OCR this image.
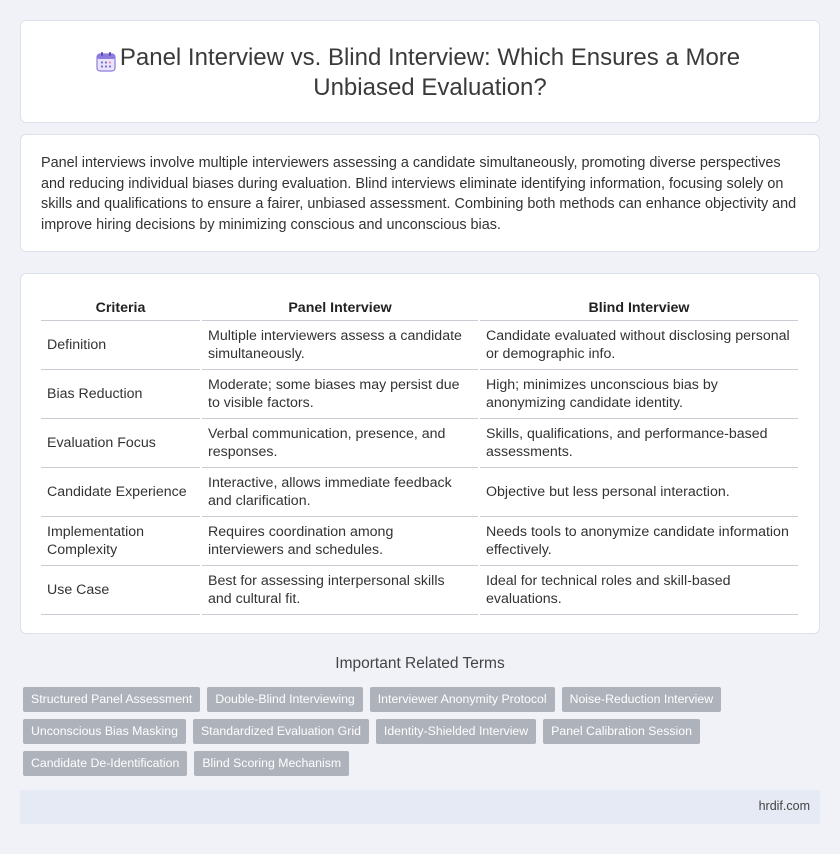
Panel Interview vs. Blind Interview: Which Ensures a More Unbiased Evaluation?

Panel interviews involve multiple interviewers assessing a candidate simultaneously, promoting diverse perspectives and reducing individual biases during evaluation. Blind interviews eliminate identifying information, focusing solely on skills and qualifications to ensure a fairer, unbiased assessment. Combining both methods can enhance objectivity and improve hiring decisions by minimizing conscious and unconscious bias.

Criteria	Panel Interview	Blind Interview
Definition	Multiple interviewers assess a candidate simultaneously.	Candidate evaluated without disclosing personal or demographic info.
Bias Reduction	Moderate; some biases may persist due to visible factors.	High; minimizes unconscious bias by anonymizing candidate identity.
Evaluation Focus	Verbal communication, presence, and responses.	Skills, qualifications, and performance-based assessments.
Candidate Experience	Interactive, allows immediate feedback and clarification.	Objective but less personal interaction.
Implementation Complexity	Requires coordination among interviewers and schedules.	Needs tools to anonymize candidate information effectively.
Use Case	Best for assessing interpersonal skills and cultural fit.	Ideal for technical roles and skill-based evaluations.
Important Related Terms
Structured Panel Assessment	Double-Blind Interviewing	Interviewer Anonymity Protocol	Noise-Reduction Interview
Unconscious Bias Masking	Standardized Evaluation Grid	Identity-Shielded Interview	Panel Calibration Session
Candidate De-Identification	Blind Scoring Mechanism
hrdif.com
